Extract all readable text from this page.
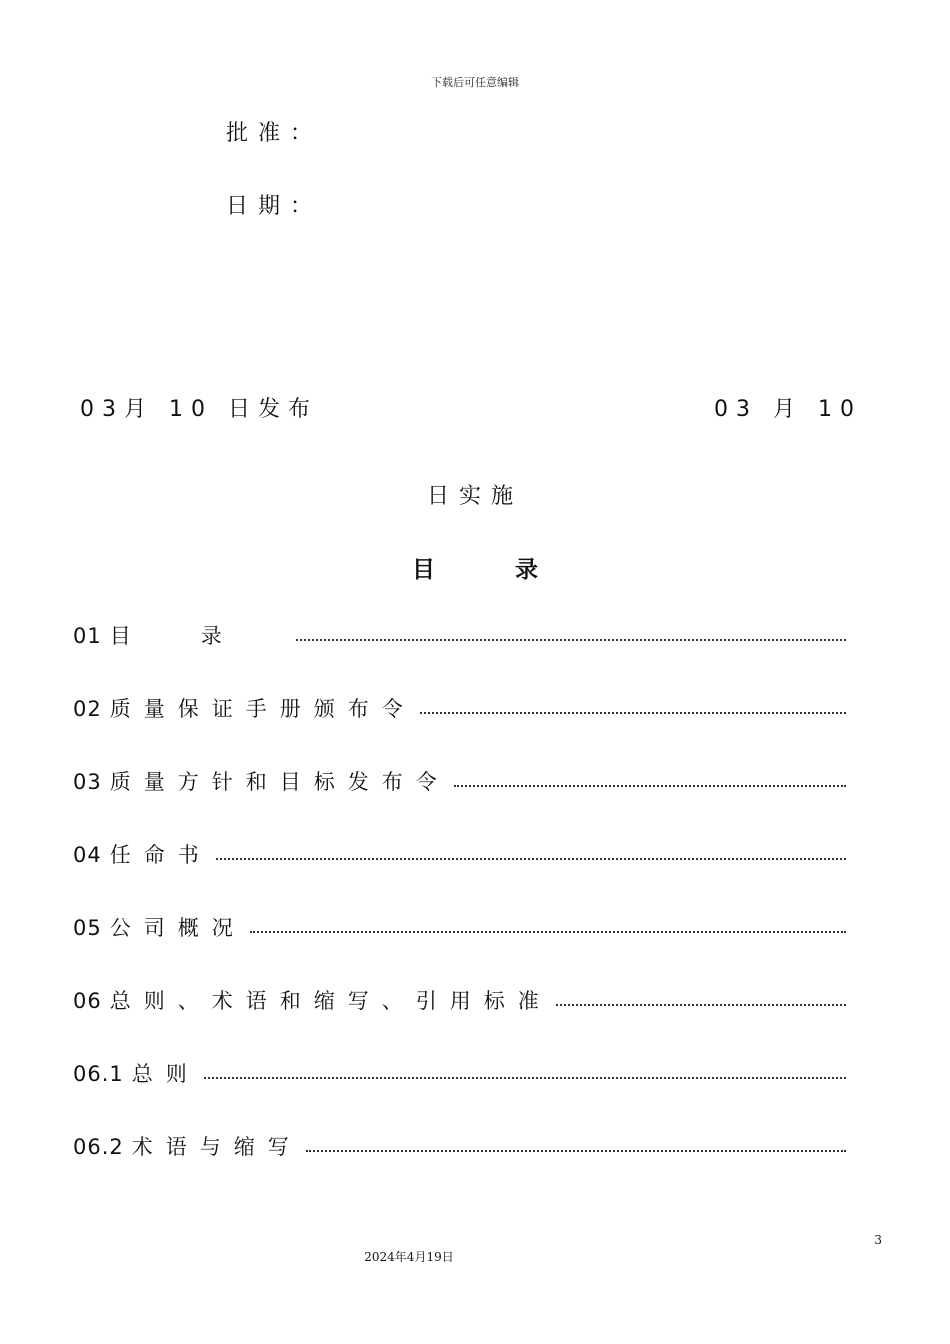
下载后可任意编辑
批准：
日期：
03月 10 日发布	03 月 10
日实施
目录
01 目录
02 质量保证手册颁布令
03 质量方针和目标发布令
04 任命书
05 公司概况
06 总则、术语和缩写、引用标准
06.1 总则
06.2 术语与缩写
3
2024年4月19日
